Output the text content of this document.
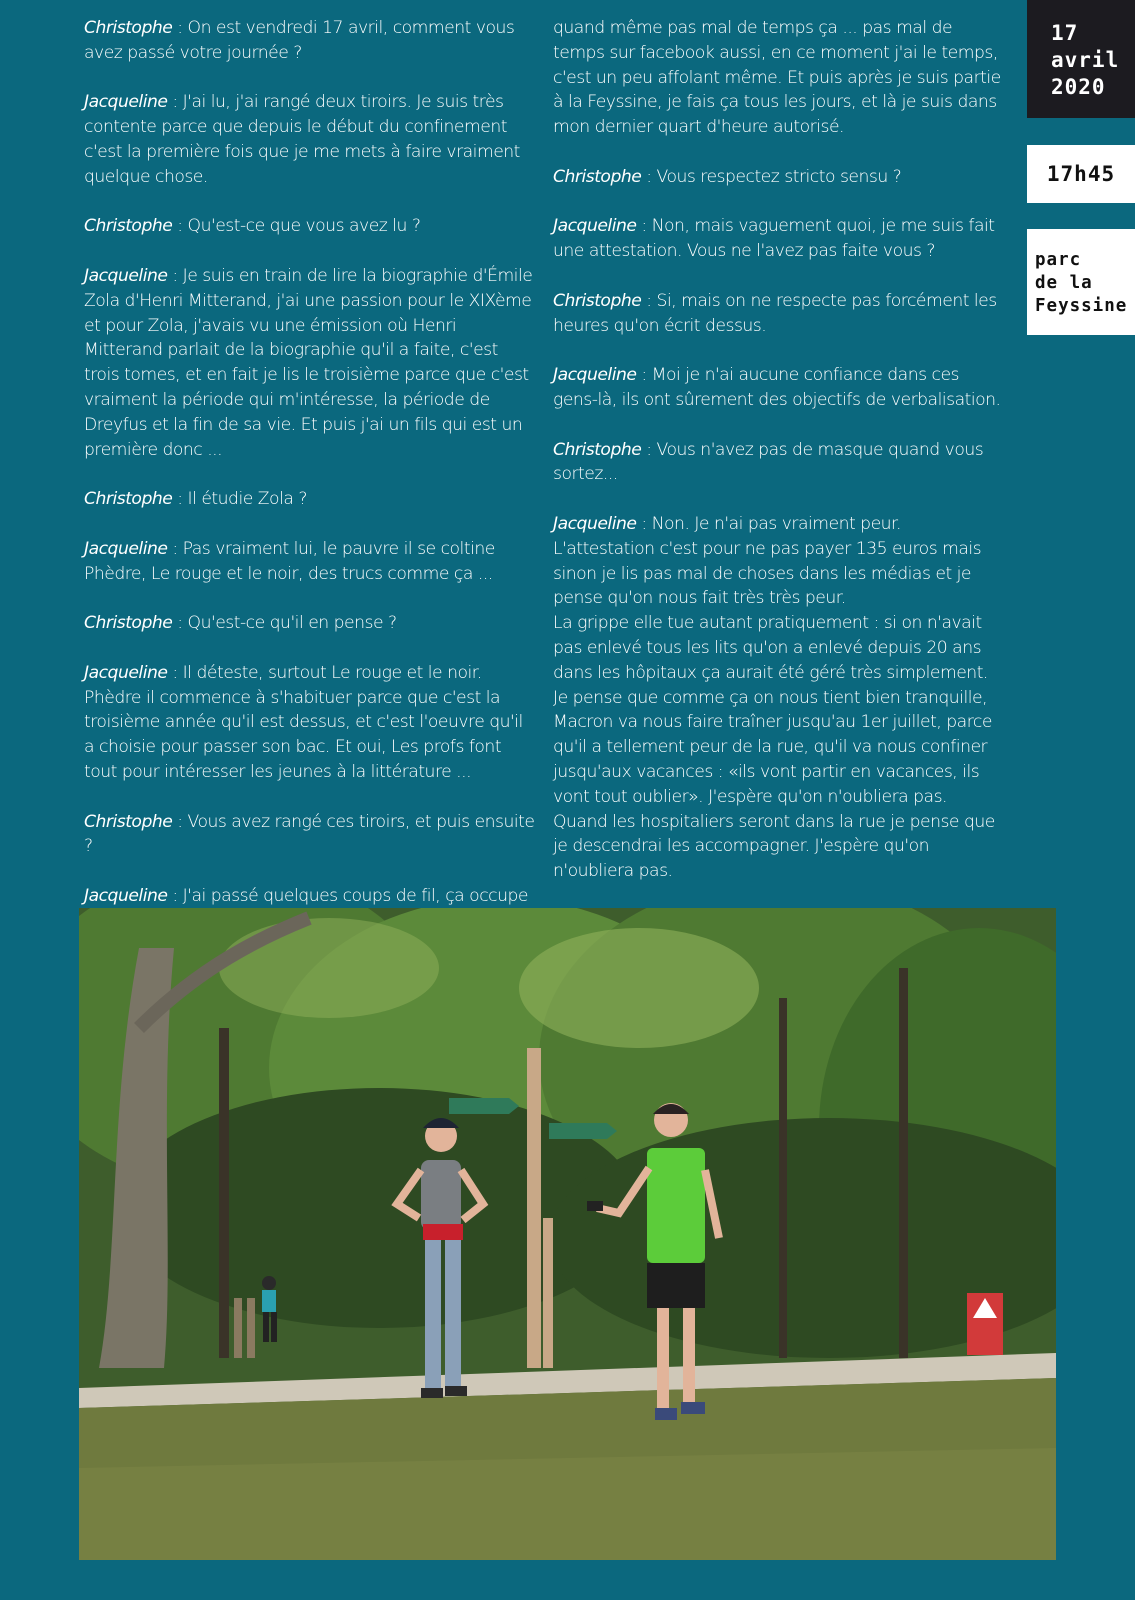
Christophe : On est vendredi 17 avril, comment vous avez passé votre journée ?

Jacqueline : J'ai lu, j'ai rangé deux tiroirs. Je suis très contente parce que depuis le début du confinement c'est la première fois que je me mets à faire vraiment quelque chose.

Christophe : Qu'est-ce que vous avez lu ?

Jacqueline : Je suis en train de lire la biographie d'Émile Zola d'Henri Mitterand, j'ai une passion pour le XIXème et pour Zola, j'avais vu une émission où Henri Mitterand parlait de la biographie qu'il a faite, c'est trois tomes, et en fait je lis le troisième parce que c'est vraiment la période qui m'intéresse, la période de Dreyfus et la fin de sa vie. Et puis j'ai un fils qui est un première donc ...

Christophe : Il étudie Zola ?

Jacqueline : Pas vraiment lui, le pauvre il se coltine Phèdre, Le rouge et le noir, des trucs comme ça ...

Christophe : Qu'est-ce qu'il en pense ?

Jacqueline : Il déteste, surtout Le rouge et le noir. Phèdre il commence à s'habituer parce que c'est la troisième année qu'il est dessus, et c'est l'oeuvre qu'il a choisie pour passer son bac. Et oui, Les profs font tout pour intéresser les jeunes à la littérature ...

Christophe : Vous avez rangé ces tiroirs, et puis ensuite ?

Jacqueline : J'ai passé quelques coups de fil, ça occupe

quand même pas mal de temps ça ... pas mal de temps sur facebook aussi, en ce moment j'ai le temps, c'est un peu affolant même. Et puis après je suis partie à la Feyssine, je fais ça tous les jours, et là je suis dans mon dernier quart d'heure autorisé.

Christophe : Vous respectez stricto sensu ?

Jacqueline : Non, mais vaguement quoi, je me suis fait une attestation. Vous ne l'avez pas faite vous ?

Christophe : Si, mais on ne respecte pas forcément les heures qu'on écrit dessus.

Jacqueline : Moi je n'ai aucune confiance dans ces gens-là, ils ont sûrement des objectifs de verbalisation.

Christophe : Vous n'avez pas de masque quand vous sortez...

Jacqueline : Non. Je n'ai pas vraiment peur. L'attestation c'est pour ne pas payer 135 euros mais sinon je lis pas mal de choses dans les médias et je pense qu'on nous fait très très peur.
La grippe elle tue autant pratiquement : si on n'avait pas enlevé tous les lits qu'on a enlevé depuis 20 ans dans les hôpitaux ça aurait été géré très simplement. Je pense que comme ça on nous tient bien tranquille, Macron va nous faire traîner jusqu'au 1er juillet, parce qu'il a tellement peur de la rue, qu'il va nous confiner jusqu'aux vacances : «ils vont partir en vacances, ils vont tout oublier». J'espère qu'on n'oubliera pas. Quand les hospitaliers seront dans la rue je pense que je descendrai les accompagner. J'espère qu'on n'oubliera pas.

17
avril
2020
17h45
parc
de la
Feyssine
